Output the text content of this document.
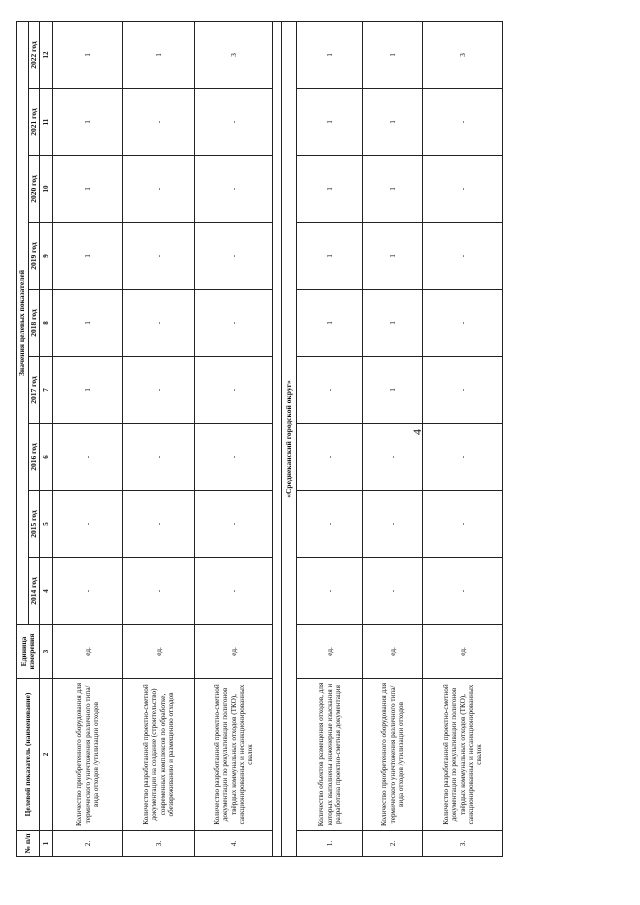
4
№ п/п	Целевой показатель (наименование)	Единица измерения	Значения целевых показателей								
			2014 год	2015 год	2016 год	2017 год	2018 год	2019 год	2020 год	2021 год	2022 год
1	2	3	4	5	6	7	8	9	10	11	12
2.	Количество приобретенного оборудования для термического уничтожения различного типа/вида отходов /утилизации отходов	ед.	-	-	-	1	1	1	1	1	1
3.	Количество разработанной проектно-сметной документации на создание (строительство) современных комплексов по обработке, обезвреживанию и размещению отходов	ед.	-	-	-	-	-	-	-	-	1
4.	Количество разработанной проектно-сметной документации по рекультивации полигонов твёрдых коммунальных отходов (ТКО), санкционированных и несанкционированных свалок	ед.	-	-	-	-	-	-	-	-	3

«Среднеканский городской округ»											
1.	Количество объектов размещения отходов, для которых выполнены инженерные изыскания и разработана проектно-сметная документация	ед.	-	-	-	-	1	1	1	1	1
2.	Количество приобретенного оборудования для термического уничтожения различного типа/вида отходов /утилизации отходов	ед.	-	-	-	1	1	1	1	1	1
3.	Количество разработанной проектно-сметной документации по рекультивации полигонов твёрдых коммунальных отходов (ТКО), санкционированных и несанкционированных свалок	ед.	-	-	-	-	-	-	-	-	3
